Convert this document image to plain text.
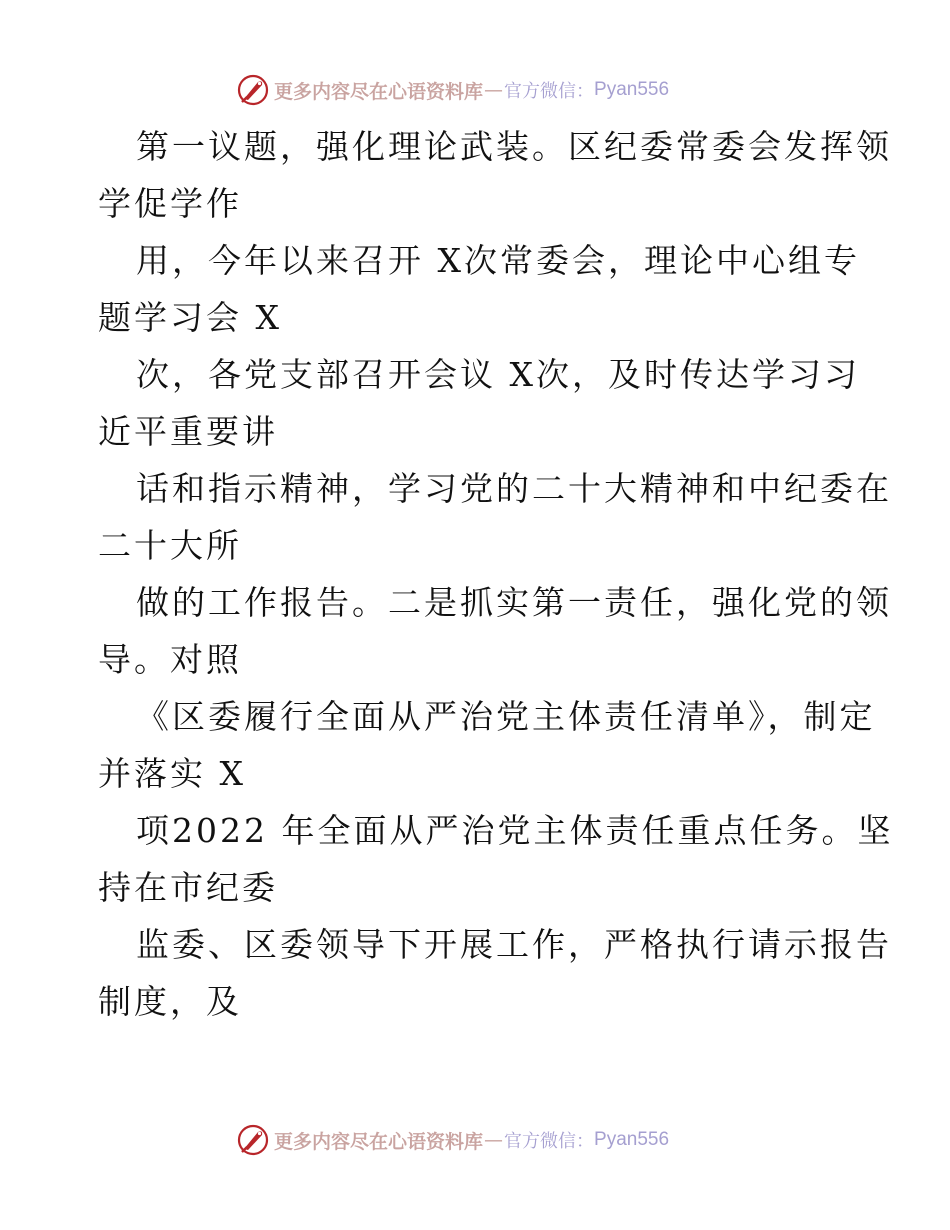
更多内容尽在心语资料库 — 官方微信： Pyan556
第一议题，强化理论武装。区纪委常委会发挥领
学促学作
用，今年以来召开 X次常委会，理论中心组专
题学习会 X
次，各党支部召开会议 X次，及时传达学习习
近平重要讲
话和指示精神，学习党的二十大精神和中纪委在
二十大所
做的工作报告。二是抓实第一责任，强化党的领
导。对照
《区委履行全面从严治党主体责任清单》，制定
并落实 X
项2022 年全面从严治党主体责任重点任务。坚
持在市纪委
监委、区委领导下开展工作，严格执行请示报告
制度，及
更多内容尽在心语资料库 — 官方微信： Pyan556
